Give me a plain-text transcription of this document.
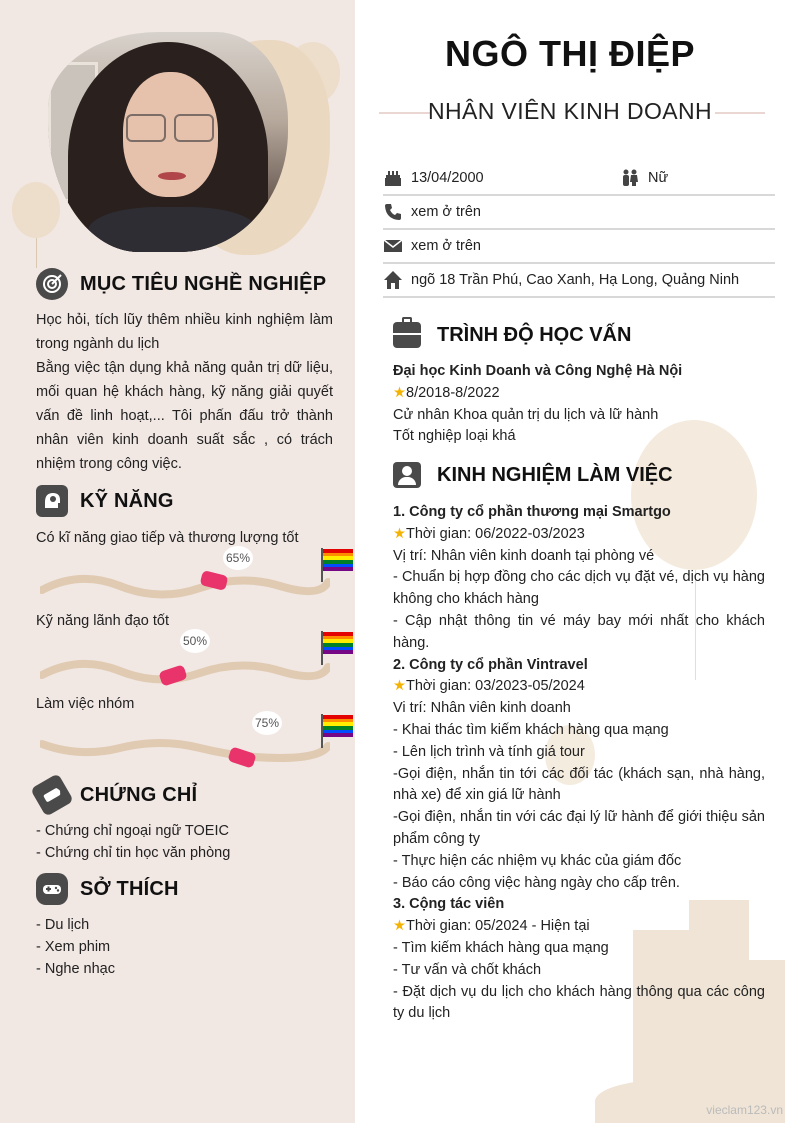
MỤC TIÊU NGHỀ NGHIỆP
Học hỏi, tích lũy thêm nhiều kinh nghiệm làm trong ngành du lịch
Bằng việc tận dụng khả năng quản trị dữ liệu, mối quan hệ khách hàng, kỹ năng giải quyết vấn đề linh hoạt,... Tôi phấn đấu trở thành nhân viên kinh doanh suất sắc , có trách nhiệm trong công việc.
KỸ NĂNG
Có kĩ năng giao tiếp và thương lượng tốt
65%
Kỹ năng lãnh đạo tốt
50%
Làm việc nhóm
75%
CHỨNG CHỈ
- Chứng chỉ ngoại ngữ TOEIC
- Chứng chỉ tin học văn phòng
SỞ THÍCH
- Du lịch
- Xem phim
- Nghe nhạc
NGÔ THỊ ĐIỆP
NHÂN VIÊN KINH DOANH
13/04/2000	Nữ
xem ở trên
xem ở trên
ngõ 18 Trần Phú, Cao Xanh, Hạ Long, Quảng Ninh
TRÌNH ĐỘ HỌC VẤN
Đại học Kinh Doanh và Công Nghệ Hà Nội
★8/2018-8/2022
Cử nhân Khoa quản trị du lịch và lữ hành
Tốt nghiệp loại khá
KINH NGHIỆM LÀM VIỆC
1. Công ty cổ phần thương mại Smartgo
★Thời gian: 06/2022-03/2023
Vị trí: Nhân viên kinh doanh tại phòng vé
- Chuẩn bị hợp đồng cho các dịch vụ đặt vé, dịch vụ hàng không cho khách hàng
- Cập nhật thông tin vé máy bay mới nhất cho khách hàng.
2. Công ty cổ phần Vintravel
★Thời gian: 03/2023-05/2024
Vi trí: Nhân viên kinh doanh
- Khai thác tìm kiếm khách hàng qua mạng
- Lên lịch trình và tính giá tour
-Gọi điện, nhắn tin tới các đối tác (khách sạn, nhà hàng, nhà xe) để xin giá lữ hành
-Gọi điện, nhắn tin với các đại lý lữ hành để giới thiệu sản phẩm công ty
- Thực hiện các nhiệm vụ khác của giám đốc
- Báo cáo công việc hàng ngày cho cấp trên.
3. Cộng tác viên
★Thời gian: 05/2024 - Hiện tại
- Tìm kiếm khách hàng qua mạng
- Tư vấn và chốt khách
- Đặt dịch vụ du lịch cho khách hàng thông qua các công ty du lịch
vieclam123.vn
